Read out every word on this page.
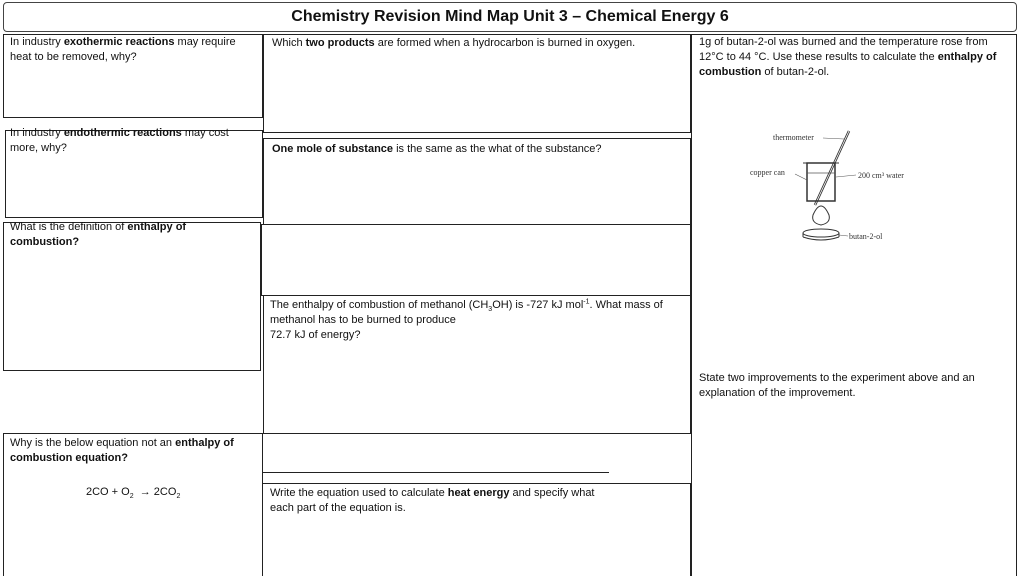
Chemistry Revision Mind Map Unit 3 – Chemical Energy 6
In industry exothermic reactions may require heat to be removed, why?
Which two products are formed when a hydrocarbon is burned in oxygen.	1g of butan-2-ol was burned and the temperature rose from 12°C to 44 °C. Use these results to calculate the enthalpy of combustion of butan-2-ol.
In industry endothermic reactions may cost more, why?	One mole of substance is the same as the what of the substance?
What is the definition of enthalpy of combustion?
The enthalpy of combustion of methanol $(CH_3OH)$ is -727 kJ mol$^{-1}$. What mass of methanol has to be burned to produce
72.7 kJ of energy?
State two improvements to the experiment above and an explanation of the improvement.
Why is the below equation not an enthalpy of combustion equation?
$2CO + O_2 \to 2CO_2$	Write the equation used to calculate heat energy and specify what each part of the equation is.
thermometer
copper can	200 cm³ water
butan-2-ol
